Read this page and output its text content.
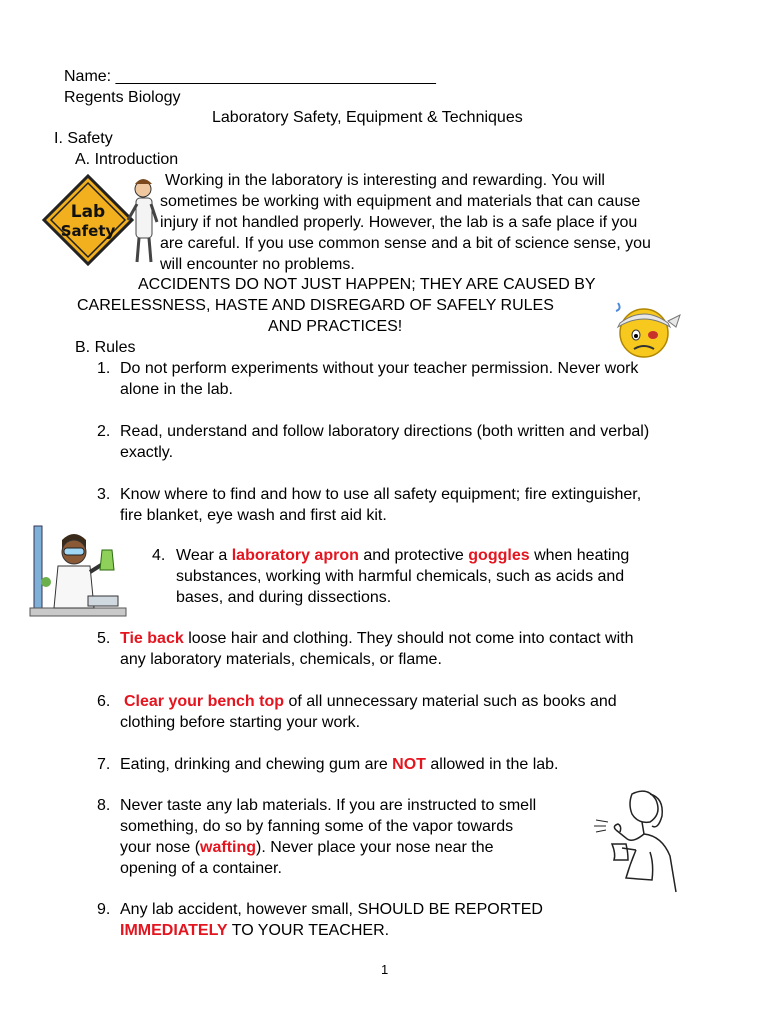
Name: ____________________________________
Regents Biology
Laboratory Safety, Equipment & Techniques
I. Safety
A. Introduction
Lab
Safety
Working in the laboratory is interesting and rewarding. You will
sometimes be working with equipment and materials that can cause
injury if not handled properly. However, the lab is a safe place if you
are careful. If you use common sense and a bit of science sense, you
will encounter no problems.
ACCIDENTS DO NOT JUST HAPPEN; THEY ARE CAUSED BY
CARELESSNESS, HASTE AND DISREGARD OF SAFELY RULES
AND PRACTICES!
B. Rules
1. Do not perform experiments without your teacher permission. Never work
alone in the lab.
2. Read, understand and follow laboratory directions (both written and verbal)
exactly.
3. Know where to find and how to use all safety equipment; fire extinguisher,
fire blanket, eye wash and first aid kit.
4. Wear a laboratory apron and protective goggles when heating
substances, working with harmful chemicals, such as acids and
bases, and during dissections.
5. Tie back loose hair and clothing. They should not come into contact with
any laboratory materials, chemicals, or flame.
6. Clear your bench top of all unnecessary material such as books and
clothing before starting your work.
7. Eating, drinking and chewing gum are NOT allowed in the lab.
8. Never taste any lab materials. If you are instructed to smell
something, do so by fanning some of the vapor towards
your nose (wafting). Never place your nose near the
opening of a container.
9. Any lab accident, however small, SHOULD BE REPORTED
IMMEDIATELY TO YOUR TEACHER.
1
